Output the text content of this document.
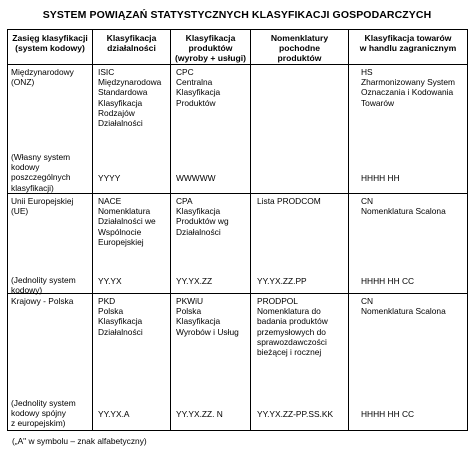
SYSTEM POWIĄZAŃ STATYSTYCZNYCH KLASYFIKACJI GOSPODARCZYCH
Zasięg klasyfikacji
(system kodowy)
Klasyfikacja
działalności
Klasyfikacja
produktów
(wyroby + usługi)
Nomenklatury
pochodne
produktów
Klasyfikacja towarów
w handlu zagranicznym
Międzynarodowy
(ONZ)
(Własny system
kodowy
poszczególnych
klasyfikacji)
ISIC
Międzynarodowa
Standardowa
Klasyfikacja
Rodzajów
Działalności
YYYY
CPC
Centralna
Klasyfikacja
Produktów
WWWWW
HS
Zharmonizowany System
Oznaczania i Kodowania
Towarów
HHHH HH
Unii Europejskiej
(UE)
(Jednolity system
kodowy)
NACE
Nomenklatura
Działalności we
Wspólnocie
Europejskiej
YY.YX
CPA
Klasyfikacja
Produktów wg
Działalności
YY.YX.ZZ
Lista PRODCOM
YY.YX.ZZ.PP
CN
Nomenklatura Scalona
HHHH HH CC
Krajowy - Polska
(Jednolity system
kodowy spójny
z europejskim)
PKD
Polska
Klasyfikacja
Działalności
YY.YX.A
PKWiU
Polska
Klasyfikacja
Wyrobów i Usług
YY.YX.ZZ. N
PRODPOL
Nomenklatura do
badania produktów
przemysłowych do
sprawozdawczości
bieżącej i rocznej
YY.YX.ZZ-PP.SS.KK
CN
Nomenklatura Scalona
HHHH HH CC
(„A" w symbolu – znak alfabetyczny)
